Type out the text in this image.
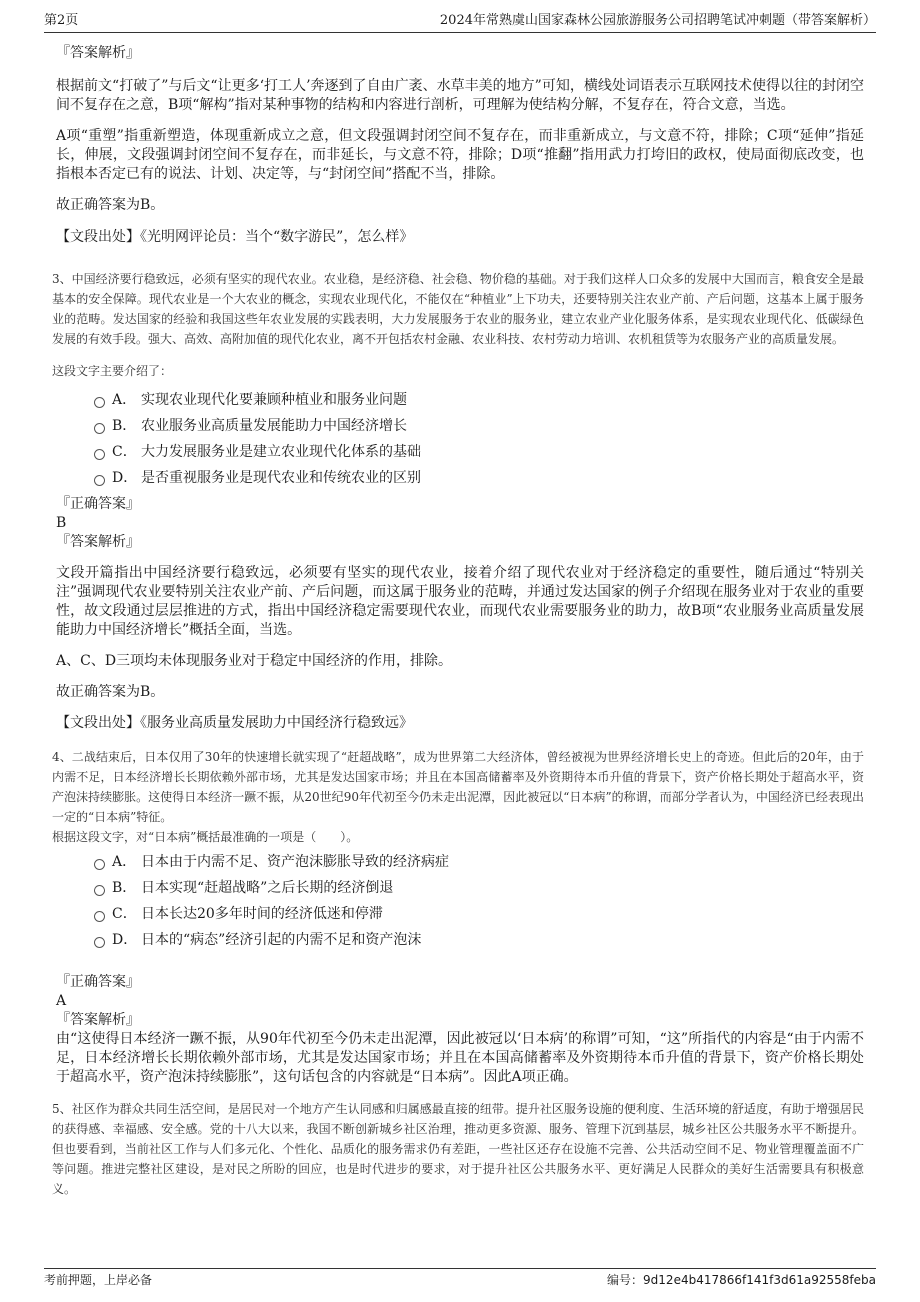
第2页	2024年常熟虞山国家森林公园旅游服务公司招聘笔试冲刺题（带答案解析）

『答案解析』

根据前文“打破了”与后文“让更多‘打工人’奔逐到了自由广袤、水草丰美的地方”可知，横线处词语表示互联网技术使得以往的封闭空间不复存在之意，B项“解构”指对某种事物的结构和内容进行剖析，可理解为使结构分解，不复存在，符合文意，当选。

A项“重塑”指重新塑造，体现重新成立之意，但文段强调封闭空间不复存在，而非重新成立，与文意不符，排除；C项“延伸”指延长，伸展，文段强调封闭空间不复存在，而非延长，与文意不符，排除；D项“推翻”指用武力打垮旧的政权，使局面彻底改变，也指根本否定已有的说法、计划、决定等，与“封闭空间”搭配不当，排除。

故正确答案为B。

【文段出处】《光明网评论员：当个“数字游民”，怎么样》

3、中国经济要行稳致远，必须有坚实的现代农业。农业稳，是经济稳、社会稳、物价稳的基础。对于我们这样人口众多的发展中大国而言，粮食安全是最基本的安全保障。现代农业是一个大农业的概念，实现农业现代化，不能仅在“种植业”上下功夫，还要特别关注农业产前、产后问题，这基本上属于服务业的范畴。发达国家的经验和我国这些年农业发展的实践表明，大力发展服务于农业的服务业，建立农业产业化服务体系，是实现农业现代化、低碳绿色发展的有效手段。强大、高效、高附加值的现代化农业，离不开包括农村金融、农业科技、农村劳动力培训、农机租赁等为农服务产业的高质量发展。

这段文字主要介绍了：

A． 实现农业现代化要兼顾种植业和服务业问题
B． 农业服务业高质量发展能助力中国经济增长
C． 大力发展服务业是建立农业现代化体系的基础
D． 是否重视服务业是现代农业和传统农业的区别

『正确答案』

B

『答案解析』

文段开篇指出中国经济要行稳致远，必须要有坚实的现代农业，接着介绍了现代农业对于经济稳定的重要性，随后通过“特别关注”强调现代农业要特别关注农业产前、产后问题，而这属于服务业的范畴，并通过发达国家的例子介绍现在服务业对于农业的重要性，故文段通过层层推进的方式，指出中国经济稳定需要现代农业，而现代农业需要服务业的助力，故B项“农业服务业高质量发展能助力中国经济增长”概括全面，当选。

A、C、D三项均未体现服务业对于稳定中国经济的作用，排除。

故正确答案为B。

【文段出处】《服务业高质量发展助力中国经济行稳致远》

4、二战结束后，日本仅用了30年的快速增长就实现了“赶超战略”，成为世界第二大经济体，曾经被视为世界经济增长史上的奇迹。但此后的20年，由于内需不足，日本经济增长长期依赖外部市场，尤其是发达国家市场；并且在本国高储蓄率及外资期待本币升值的背景下，资产价格长期处于超高水平，资产泡沫持续膨胀。这使得日本经济一蹶不振，从20世纪90年代初至今仍未走出泥潭，因此被冠以“日本病”的称谓，而部分学者认为，中国经济已经表现出一定的“日本病”特征。

根据这段文字，对“日本病”概括最准确的一项是（　　）。

A． 日本由于内需不足、资产泡沫膨胀导致的经济病症
B． 日本实现“赶超战略”之后长期的经济倒退
C． 日本长达20多年时间的经济低迷和停滞
D． 日本的“病态”经济引起的内需不足和资产泡沫

『正确答案』

A

『答案解析』

由“这使得日本经济一蹶不振，从90年代初至今仍未走出泥潭，因此被冠以‘日本病’的称谓”可知，“这”所指代的内容是“由于内需不足，日本经济增长长期依赖外部市场，尤其是发达国家市场；并且在本国高储蓄率及外资期待本币升值的背景下，资产价格长期处于超高水平，资产泡沫持续膨胀”，这句话包含的内容就是“日本病”。因此A项正确。

5、社区作为群众共同生活空间，是居民对一个地方产生认同感和归属感最直接的纽带。提升社区服务设施的便利度、生活环境的舒适度，有助于增强居民的获得感、幸福感、安全感。党的十八大以来，我国不断创新城乡社区治理，推动更多资源、服务、管理下沉到基层，城乡社区公共服务水平不断提升。但也要看到，当前社区工作与人们多元化、个性化、品质化的服务需求仍有差距，一些社区还存在设施不完善、公共活动空间不足、物业管理覆盖面不广等问题。推进完整社区建设，是对民之所盼的回应，也是时代进步的要求，对于提升社区公共服务水平、更好满足人民群众的美好生活需要具有积极意义。

考前押题，上岸必备	编号：9d12e4b417866f141f3d61a92558feba
